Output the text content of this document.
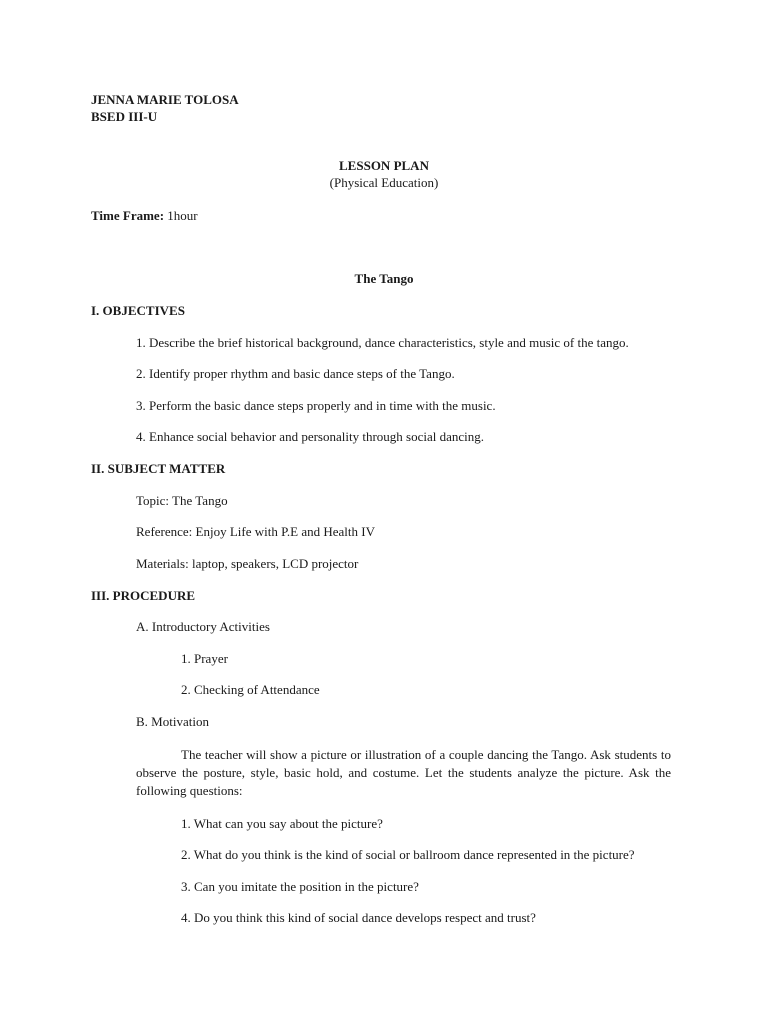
JENNA MARIE TOLOSA
BSED III-U
LESSON PLAN
(Physical Education)
Time Frame: 1hour
The Tango
I. OBJECTIVES
1. Describe the brief historical background, dance characteristics, style and music of the tango.
2. Identify proper rhythm and basic dance steps of the Tango.
3. Perform the basic dance steps properly and in time with the music.
4. Enhance social behavior and personality through social dancing.
II. SUBJECT MATTER
Topic: The Tango
Reference: Enjoy Life with P.E and Health IV
Materials: laptop, speakers, LCD projector
III. PROCEDURE
A. Introductory Activities
1. Prayer
2. Checking of Attendance
B. Motivation
The teacher will show a picture or illustration of a couple dancing the Tango. Ask students to observe the posture, style, basic hold, and costume. Let the students analyze the picture. Ask the following questions:
1. What can you say about the picture?
2. What do you think is the kind of social or ballroom dance represented in the picture?
3. Can you imitate the position in the picture?
4. Do you think this kind of social dance develops respect and trust?
